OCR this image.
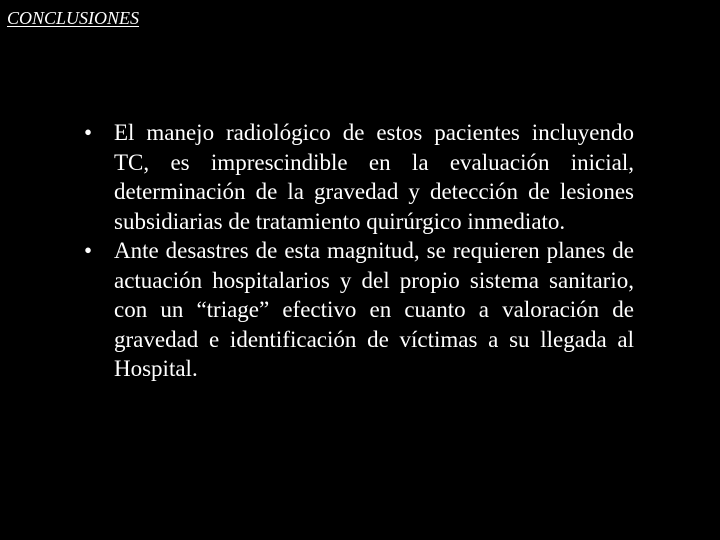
CONCLUSIONES
• El manejo radiológico de estos pacientes incluyendo TC, es imprescindible en la evaluación inicial, determinación de la gravedad y detección de lesiones subsidiarias de tratamiento quirúrgico inmediato.
• Ante desastres de esta magnitud, se requieren planes de actuación hospitalarios y del propio sistema sanitario, con un “triage” efectivo en cuanto a valoración de gravedad e identificación de víctimas a su llegada al Hospital.
